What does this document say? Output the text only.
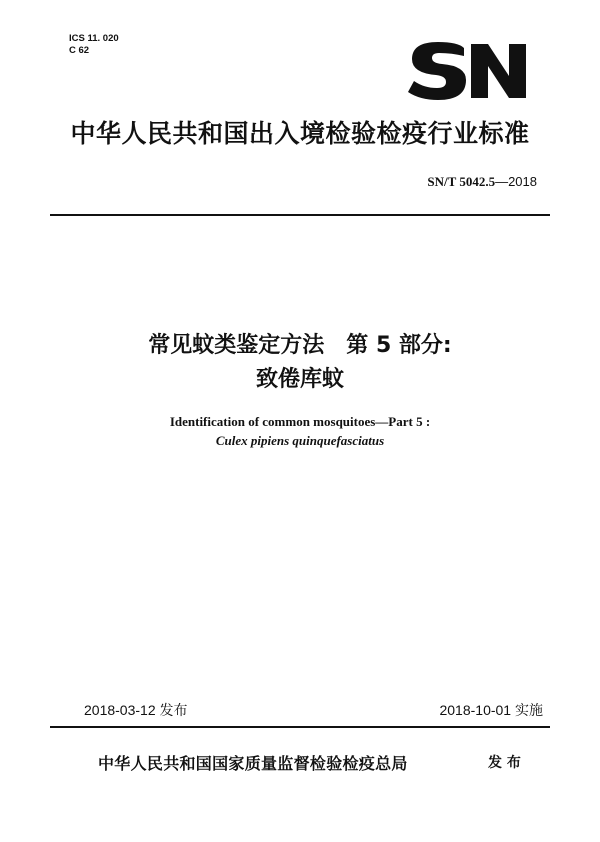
ICS 11. 020
C 62
中华人民共和国出入境检验检疫行业标准
SN/T 5042.5—2018
常见蚊类鉴定方法　第 5 部分:
致倦库蚊
Identification of common mosquitoes—Part 5 :
Culex pipiens quinquefasciatus
2018-03-12 发布	2018-10-01 实施
中华人民共和国国家质量监督检验检疫总局	发 布
